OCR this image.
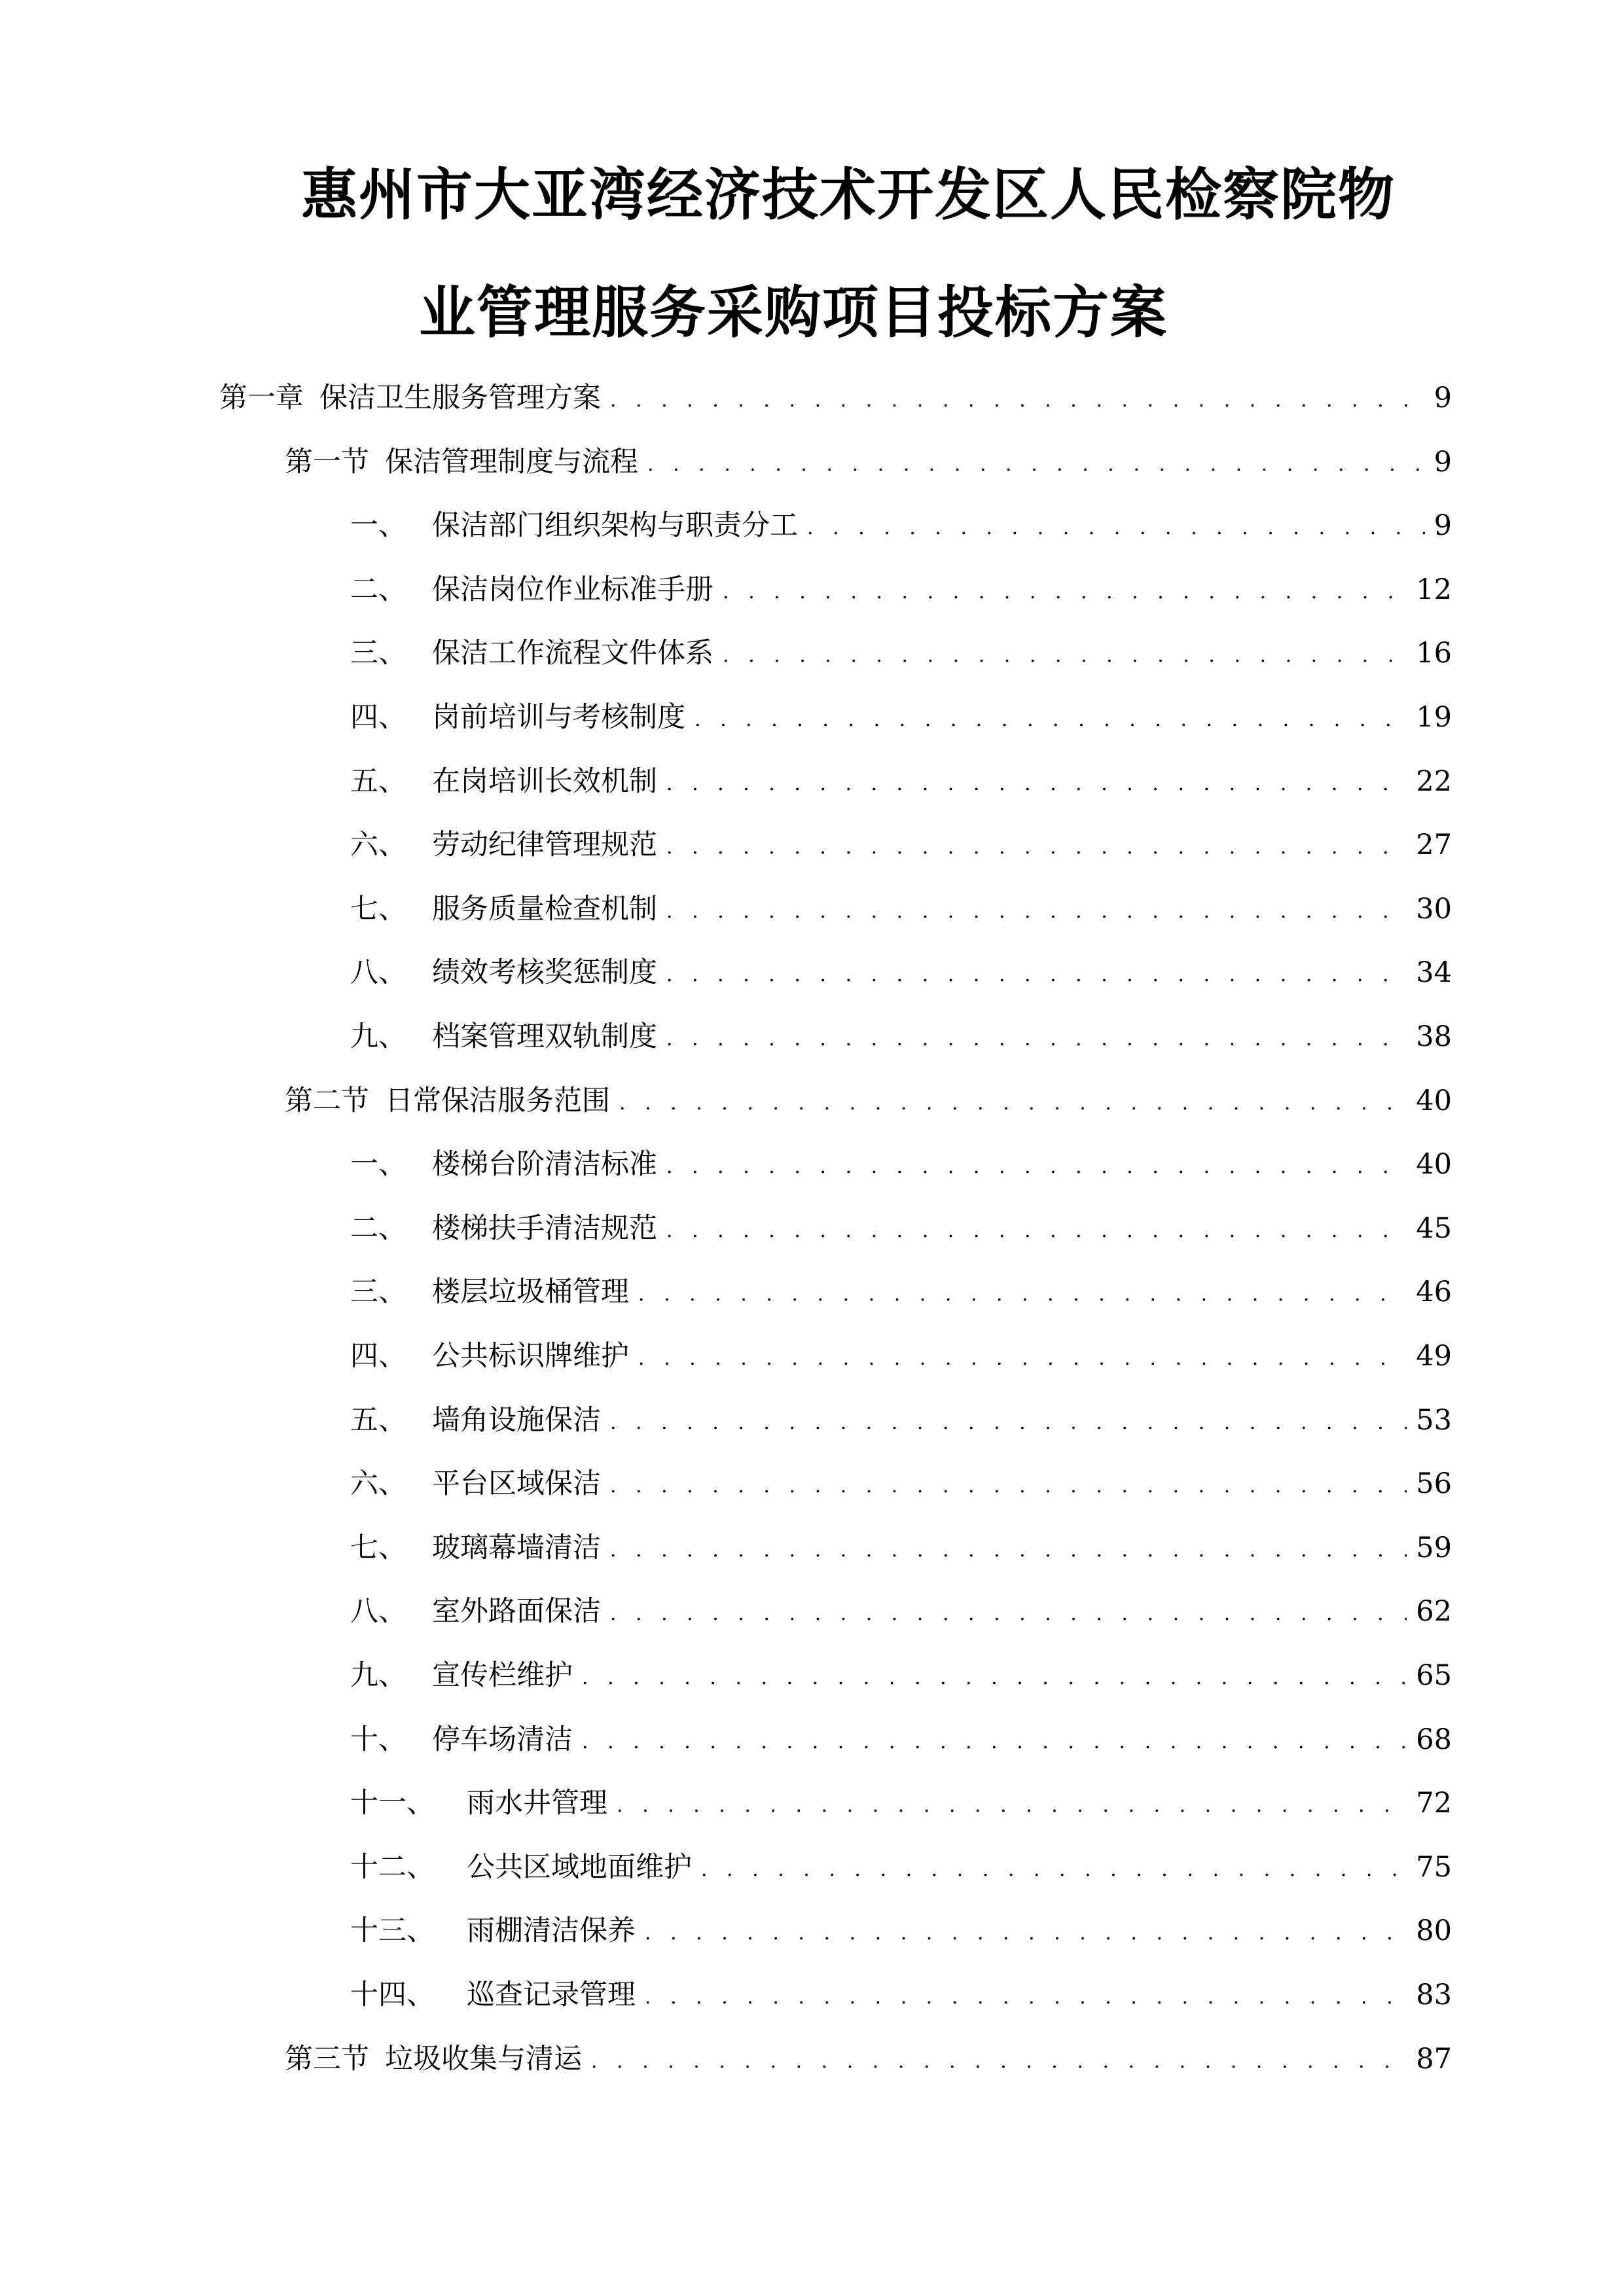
惠州市大亚湾经济技术开发区人民检察院物
业管理服务采购项目投标方案
第一章 保洁卫生服务管理方案 . . .	9
第一节 保洁管理制度与流程 . . .	9
一、 保洁部门组织架构与职责分工 . . .	9
二、 保洁岗位作业标准手册 . . .	12
三、 保洁工作流程文件体系 . . .	16
四、 岗前培训与考核制度 . . .	19
五、 在岗培训长效机制 . . .	22
六、 劳动纪律管理规范 . . .	27
七、 服务质量检查机制 . . .	30
八、 绩效考核奖惩制度 . . .	34
九、 档案管理双轨制度 . . .	38
第二节 日常保洁服务范围 . . .	40
一、 楼梯台阶清洁标准 . . .	40
二、 楼梯扶手清洁规范 . . .	45
三、 楼层垃圾桶管理 . . .	46
四、 公共标识牌维护 . . .	49
五、 墙角设施保洁 . . .	53
六、 平台区域保洁 . . .	56
七、 玻璃幕墙清洁 . . .	59
八、 室外路面保洁 . . .	62
九、 宣传栏维护 . . .	65
十、 停车场清洁 . . .	68
十一、	雨水井管理 . . .	72
十二、	公共区域地面维护 . . .	75
十三、	雨棚清洁保养 . . .	80
十四、	巡查记录管理 . . .	83
第三节 垃圾收集与清运 . . .	87
